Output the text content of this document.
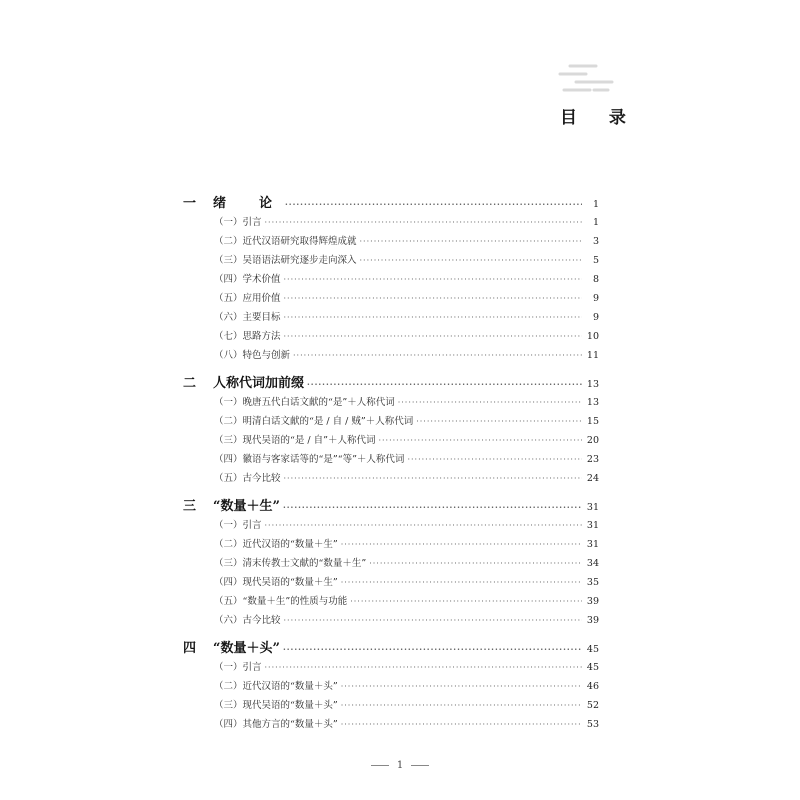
目 录
一	绪　论 ·····	1
（一）引言 ·····	1
（二）近代汉语研究取得辉煌成就 ·····	3
（三）吴语语法研究逐步走向深入 ·····	5
（四）学术价值 ·····	8
（五）应用价值 ·····	9
（六）主要目标 ·····	9
（七）思路方法 ·····	10
（八）特色与创新 ·····	11
二	人称代词加前缀 ·····	13
（一）晚唐五代白话文献的“是”＋人称代词 ·····	13
（二）明清白话文献的“是 / 自 / 贼”＋人称代词 ·····	15
（三）现代吴语的“是 / 自”＋人称代词 ·····	20
（四）徽语与客家话等的“是”“等”＋人称代词 ·····	23
（五）古今比较 ·····	24
三	“数量＋生” ·····	31
（一）引言 ·····	31
（二）近代汉语的“数量＋生” ·····	31
（三）清末传教士文献的“数量＋生” ·····	34
（四）现代吴语的“数量＋生” ·····	35
（五）“数量＋生”的性质与功能 ·····	39
（六）古今比较 ·····	39
四	“数量＋头” ·····	45
（一）引言 ·····	45
（二）近代汉语的“数量＋头” ·····	46
（三）现代吴语的“数量＋头” ·····	52
（四）其他方言的“数量＋头” ·····	53
1
